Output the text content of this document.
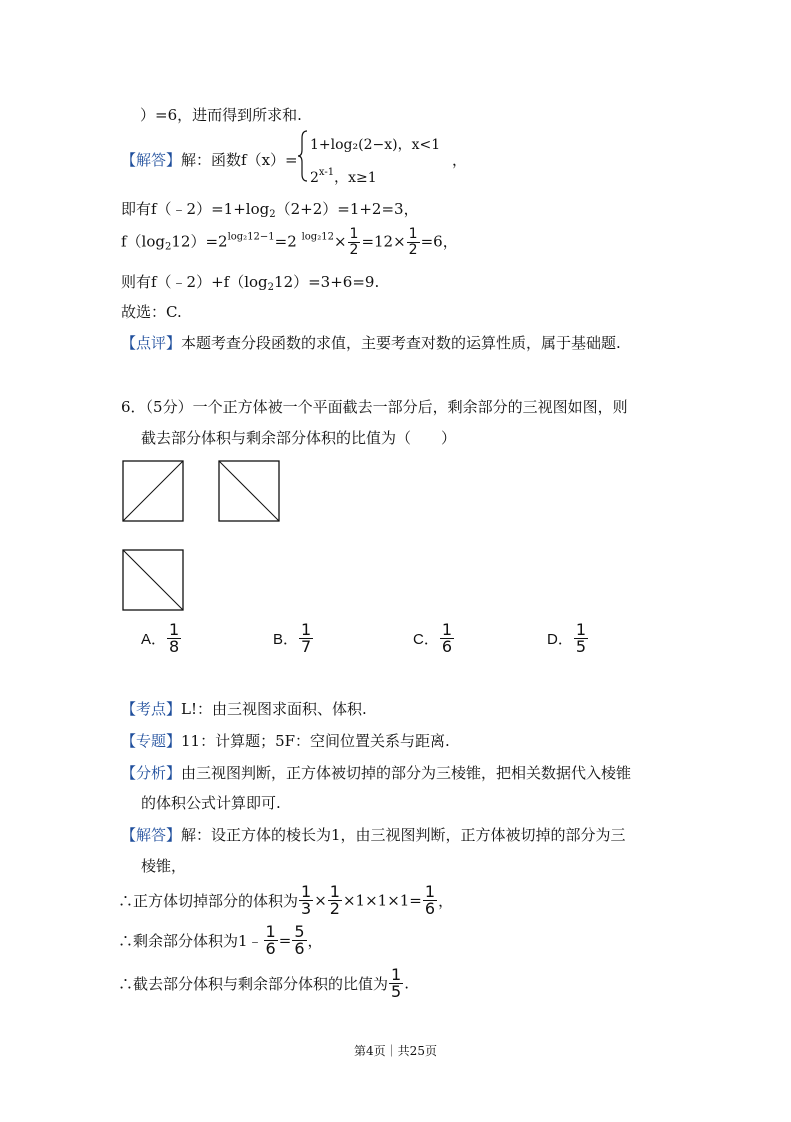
）=6，进而得到所求和.
【解答】解：函数f（x）=
1+log₂(2−x)，x<1
2$^{x-1}$，x≥1
，
即有$f(﹣2)=1+\log_2(2+2)=1+2=3$，
$f(\log_212)=2^{log_212-1}=2$ $^{log_212}\times \frac{1}{2} =12\times \frac{1}{2} =6$，
则有$f(﹣2)+f(\log_212)=3+6=9$.
故选：C.
【点评】本题考查分段函数的求值，主要考查对数的运算性质，属于基础题.
6．（5分）一个正方体被一个平面截去一部分后，剩余部分的三视图如图，则
截去部分体积与剩余部分体积的比值为（　　）
A． $\frac{1}{8}$	B． $\frac{1}{7}$	C． $\frac{1}{6}$	D． $\frac{1}{5}$
【考点】L!：由三视图求面积、体积.
【专题】11：计算题；5F：空间位置关系与距离.
【分析】由三视图判断，正方体被切掉的部分为三棱锥，把相关数据代入棱锥
的体积公式计算即可.
【解答】解：设正方体的棱长为1，由三视图判断，正方体被切掉的部分为三
棱锥，
∴正方体切掉部分的体积为 $\frac{1}{3} \times \frac{1}{2} \times 1\times 1\times 1= \frac{1}{6}$ ，
∴剩余部分体积为1﹣ $\frac{1}{6} = \frac{5}{6}$ ，
∴截去部分体积与剩余部分体积的比值为 $\frac{1}{5}$ .
第4页｜共25页
